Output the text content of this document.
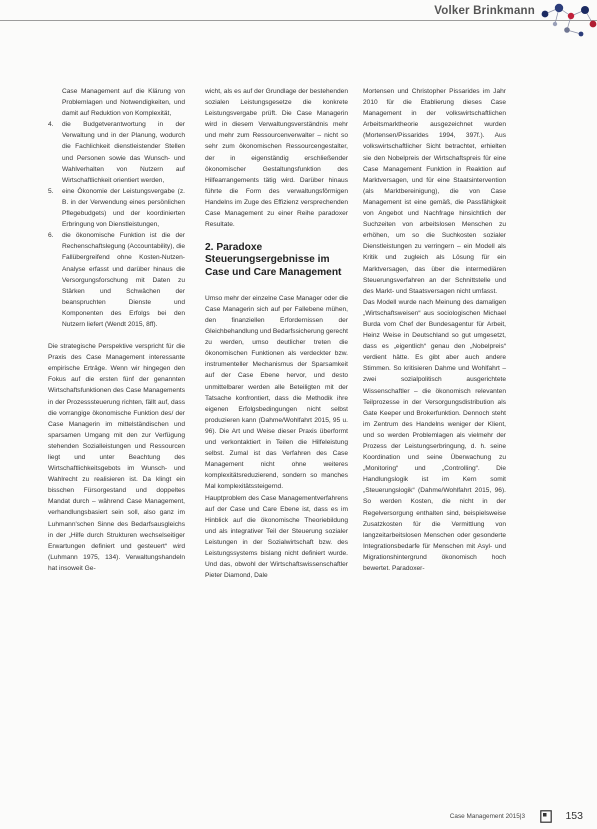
Volker Brinkmann

Case Management auf die Klärung von Problemlagen und Notwendigkeiten, und damit auf Reduktion von Komplexität,

4. die Budgetverantwortung in der Verwaltung und in der Planung, wodurch die Fachlichkeit dienstleistender Stellen und Personen sowie das Wunsch- und Wahlverhalten von Nutzern auf Wirtschaftlichkeit orientiert werden,

5. eine Ökonomie der Leistungsvergabe (z. B. in der Verwendung eines persönlichen Pflegebudgets) und der koordinierten Erbringung von Dienstleistungen,

6. die ökonomische Funktion ist die der Rechenschaftslegung (Accountability), die Fallübergreifend ohne Kosten-Nutzen-Analyse erfasst und darüber hinaus die Versorgungsforschung mit Daten zu Stärken und Schwächen der beanspruchten Dienste und Komponenten des Erfolgs bei den Nutzern liefert (Wendt 2015, 8ff).

Die strategische Perspektive verspricht für die Praxis des Case Management interessante empirische Erträge. Wenn wir hingegen den Fokus auf die ersten fünf der genannten Wirtschaftsfunktionen des Case Managements in der Prozesssteuerung richten, fällt auf, dass die vorrangige ökonomische Funktion des/ der Case Managerin im mittelständischen und sparsamen Umgang mit den zur Verfügung stehenden Sozialleistungen und Ressourcen liegt und unter Beachtung des Wirtschaftlichkeitsgebots im Wunsch- und Wahlrecht zu realisieren ist. Da klingt ein bisschen Fürsorgestand und doppeltes Mandat durch – während Case Management, verhandlungsbasiert sein soll, also ganz im Luhmann'schen Sinne des Bedarfsausgleichs in der „Hilfe durch Strukturen wechselseitiger Erwartungen definiert und gesteuert“ wird (Luhmann 1975, 134). Verwaltungshandeln hat insoweit Ge-

wicht, als es auf der Grundlage der bestehenden sozialen Leistungsgesetze die konkrete Leistungsvergabe prüft. Die Case Managerin wird in diesem Verwaltungsverständnis mehr und mehr zum Ressourcenverwalter – nicht so sehr zum ökonomischen Ressourcengestalter, der in eigenständig erschließender ökonomischer Gestaltungsfunktion des Hilfearrangements tätig wird. Darüber hinaus führte die Form des verwaltungsförmigen Handelns im Zuge des Effizienz versprechenden Case Management zu einer Reihe paradoxer Resultate.

2. Paradoxe Steuerungsergebnisse im Case und Care Management

Umso mehr der einzelne Case Manager oder die Case Managerin sich auf per Fallebene mühen, den finanziellen Erfordernissen der Gleichbehandlung und Bedarfssicherung gerecht zu werden, umso deutlicher treten die ökonomischen Funktionen als verdeckter bzw. instrumenteller Mechanismus der Sparsamkeit auf der Case Ebene hervor, und desto unmittelbarer werden alle Beteiligten mit der Tatsache konfrontiert, dass die Methodik ihre eigenen Erfolgsbedingungen nicht selbst produzieren kann (Dahme/Wohlfahrt 2015, 95 u. 96). Die Art und Weise dieser Praxis überformt und verkontaktiert in Teilen die Hilfeleistung selbst. Zumal ist das Verfahren des Case Management nicht ohne weiteres komplexitätsreduzierend, sondern so manches Mal komplexitätssteigernd.

Hauptproblem des Case Managementverfahrens auf der Case und Care Ebene ist, dass es im Hinblick auf die ökonomische Theoriebildung und als integrativer Teil der Steuerung sozialer Leistungen in der Sozialwirtschaft bzw. des Leistungssystems bislang nicht definiert wurde. Und das, obwohl der Wirtschaftswissenschaftler Pieter Diamond, Dale

Mortensen und Christopher Pissarides im Jahr 2010 für die Etablierung dieses Case Management in der volkswirtschaftlichen Arbeitsmarktheorie ausgezeichnet wurden (Mortensen/Pissarides 1994, 397f.). Aus volkswirtschaftlicher Sicht betrachtet, erhielten sie den Nobelpreis der Wirtschaftspreis für eine Case Management Funktion in Reaktion auf Marktversagen, und für eine Staatsintervention (als Marktbereinigung), die von Case Management ist eine gemäß, die Passfähigkeit von Angebot und Nachfrage hinsichtlich der Suchzeiten von arbeitslosen Menschen zu erhöhen, um so die Suchkosten sozialer Dienstleistungen zu verringern – ein Modell als Kritik und zugleich als Lösung für ein Marktversagen, das über die intermediären Steuerungsverfahren an der Schnittstelle und des Markt- und Staatsversagen nicht umfasst.

Das Modell wurde nach Meinung des damaligen „Wirtschaftsweisen“ aus sociologischen Michael Burda vom Chef der Bundesagentur für Arbeit, Heinz Weise in Deutschland so gut umgesetzt, dass es „eigentlich“ genau den „Nobelpreis“ verdient hätte. Es gibt aber auch andere Stimmen. So kritisieren Dahme und Wohlfahrt – zwei sozialpolitisch ausgerichtete Wissenschaftler – die ökonomisch relevanten Teilprozesse in der Versorgungsdistribution als Gate Keeper und Brokerfunktion. Dennoch steht im Zentrum des Handelns weniger der Klient, und so werden Problemlagen als vielmehr der Prozess der Leistungserbringung, d. h. seine Koordination und seine Überwachung zu „Monitoring“ und „Controlling“. Die Handlungslogik ist im Kern somit „Steuerungslogik“ (Dahme/Wohlfahrt 2015, 96). So werden Kosten, die nicht in der Regelversorgung enthalten sind, beispielsweise Zusatzkosten für die Vermittlung von langzeitarbeitslosen Menschen oder gesonderte Integrationsbedarfe für Menschen mit Asyl- und Migrationshintergrund ökonomisch hoch bewertet. Paradoxer-

Case Management 2015|3	153
